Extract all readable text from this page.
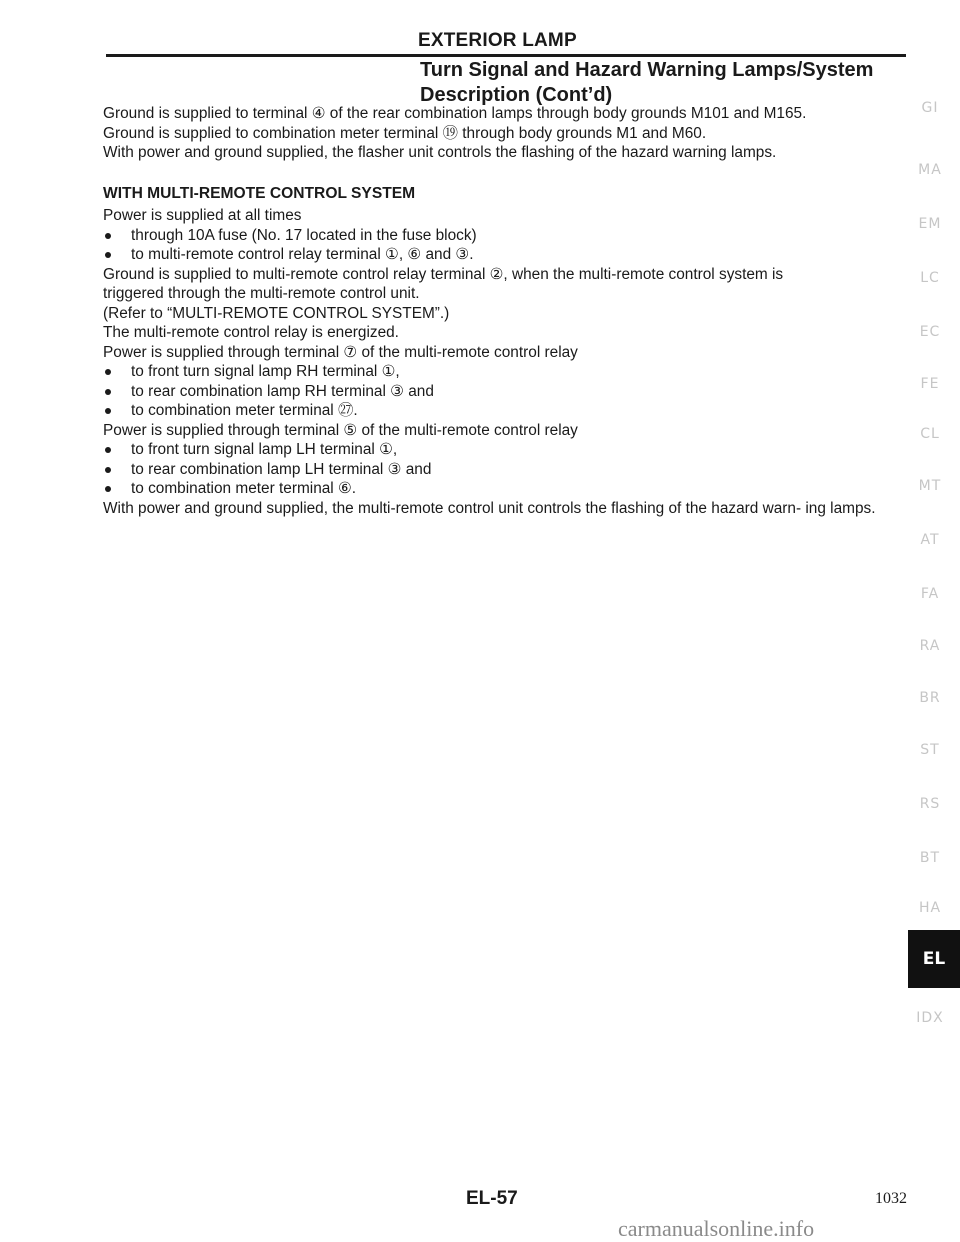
EXTERIOR LAMP
Turn Signal and Hazard Warning Lamps/System
Description (Cont’d)

Ground is supplied to terminal ④ of the rear combination lamps through body grounds M101 and M165.

Ground is supplied to combination meter terminal ⑲ through body grounds M1 and M60.

With power and ground supplied, the flasher unit controls the flashing of the hazard warning lamps.

WITH MULTI-REMOTE CONTROL SYSTEM

Power is supplied at all times

through 10A fuse (No. 17 located in the fuse block)

to multi-remote control relay terminal ①, ⑥ and ③.

Ground is supplied to multi-remote control relay terminal ②, when the multi-remote control system is

triggered through the multi-remote control unit.

(Refer to “MULTI-REMOTE CONTROL SYSTEM”.)

The multi-remote control relay is energized.

Power is supplied through terminal ⑦ of the multi-remote control relay

to front turn signal lamp RH terminal ①,

to rear combination lamp RH terminal ③ and

to combination meter terminal ㉗.

Power is supplied through terminal ⑤ of the multi-remote control relay

to front turn signal lamp LH terminal ①,

to rear combination lamp LH terminal ③ and

to combination meter terminal ⑥.

With power and ground supplied, the multi-remote control unit controls the flashing of the hazard warn- ing lamps.

GI
MA
EM
LC
EC
FE
CL
MT
AT
FA
RA
BR
ST
RS
BT
HA
EL
IDX
EL-57	1032
carmanualsonline.info
